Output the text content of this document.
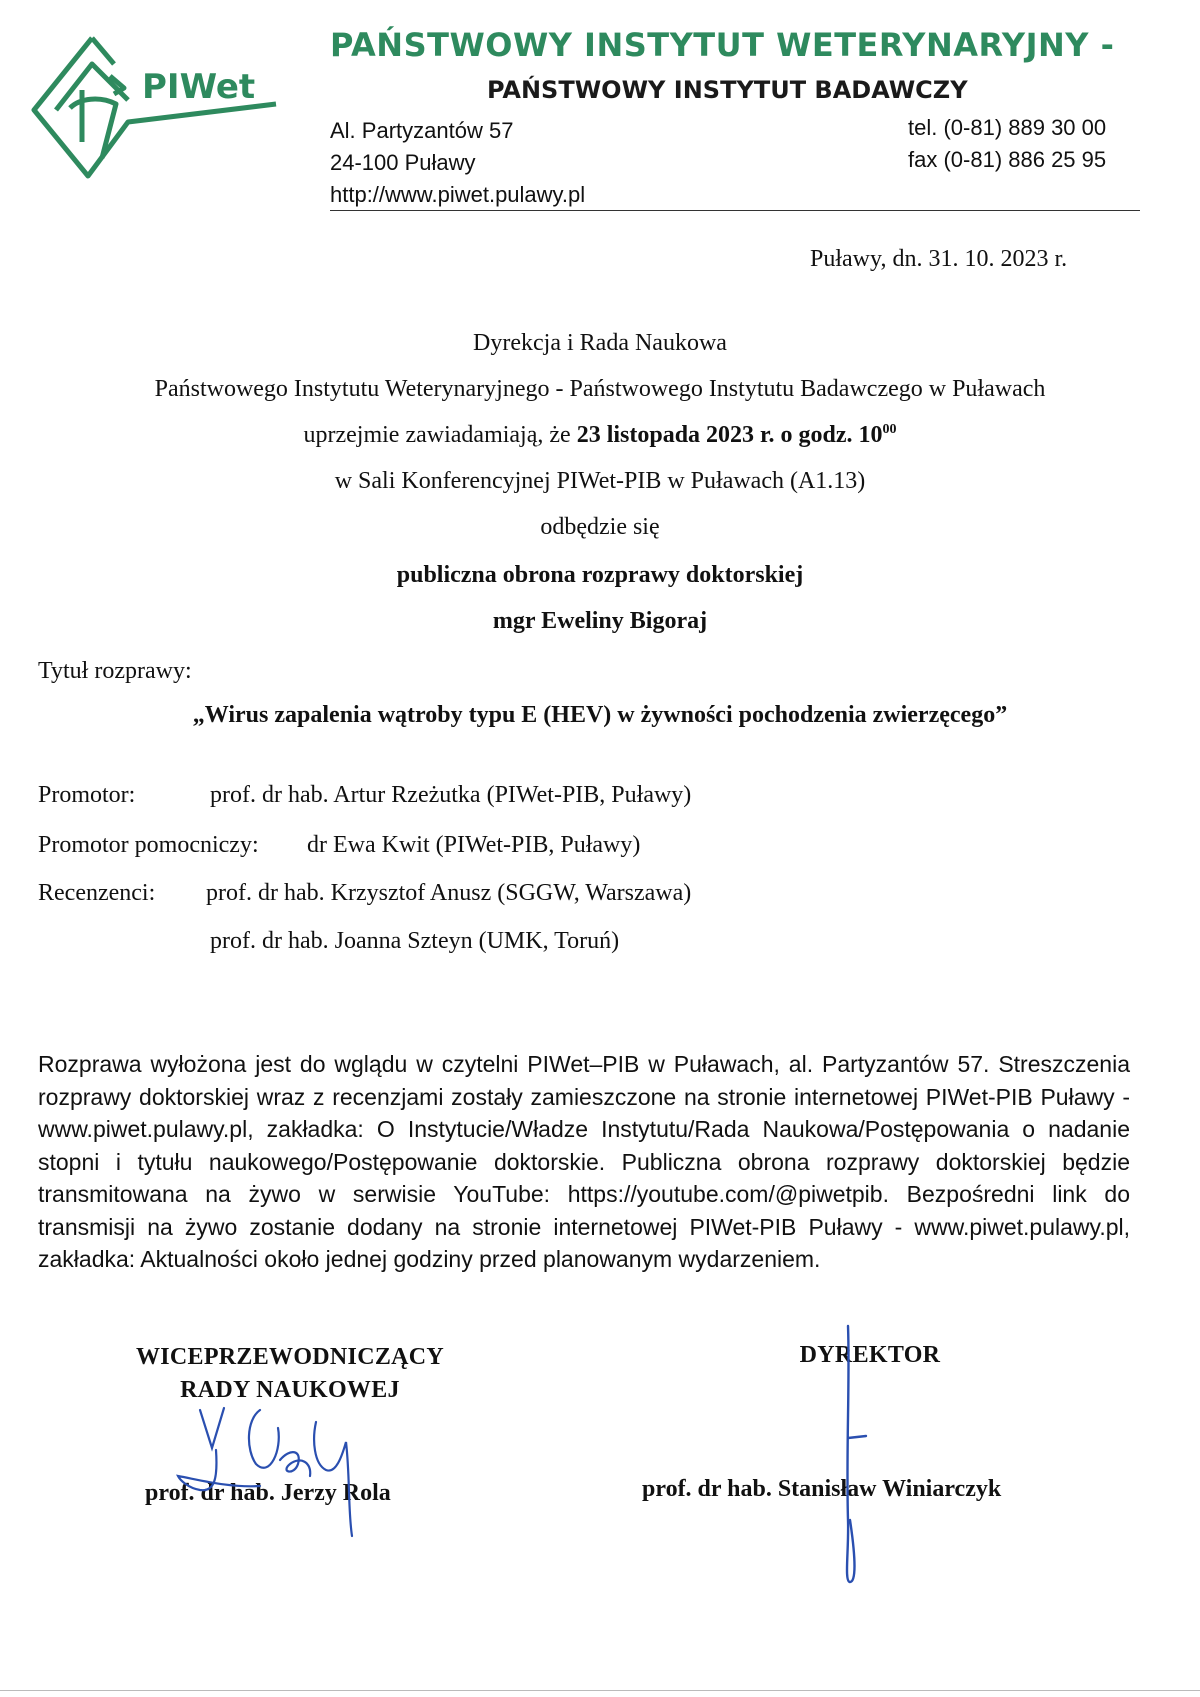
PIWet
PAŃSTWOWY INSTYTUT WETERYNARYJNY -
PAŃSTWOWY INSTYTUT BADAWCZY
Al. Partyzantów 57
24-100 Puławy
http://www.piwet.pulawy.pl
tel. (0-81) 889 30 00
fax (0-81) 886 25 95
Puławy, dn. 31. 10. 2023 r.
Dyrekcja i Rada Naukowa
Państwowego Instytutu Weterynaryjnego - Państwowego Instytutu Badawczego w Puławach
uprzejmie zawiadamiają, że 23 listopada 2023 r. o godz. $10^{00}$
w Sali Konferencyjnej PIWet-PIB w Puławach (A1.13)
odbędzie się
publiczna obrona rozprawy doktorskiej
mgr Eweliny Bigoraj
Tytuł rozprawy:
„Wirus zapalenia wątroby typu E (HEV) w żywności pochodzenia zwierzęcego”
Promotor:	prof. dr hab. Artur Rzeżutka (PIWet-PIB, Puławy)
Promotor pomocniczy: dr Ewa Kwit (PIWet-PIB, Puławy)
Recenzenci: prof. dr hab. Krzysztof Anusz (SGGW, Warszawa)
prof. dr hab. Joanna Szteyn (UMK, Toruń)
Rozprawa wyłożona jest do wglądu w czytelni PIWet–PIB w Puławach, al. Partyzantów 57. Streszczenia rozprawy doktorskiej wraz z recenzjami zostały zamieszczone na stronie internetowej PIWet-PIB Puławy - www.piwet.pulawy.pl, zakładka: O Instytucie/Władze Instytutu/Rada Naukowa/Postępowania o nadanie stopni i tytułu naukowego/Postępowanie doktorskie. Publiczna obrona rozprawy doktorskiej będzie transmitowana na żywo w serwisie YouTube: https://youtube.com/@piwetpib. Bezpośredni link do transmisji na żywo zostanie dodany na stronie internetowej PIWet-PIB Puławy - www.piwet.pulawy.pl, zakładka: Aktualności około jednej godziny przed planowanym wydarzeniem.
WICEPRZEWODNICZĄCY
RADY NAUKOWEJ
prof. dr hab. Jerzy Rola
DYREKTOR
prof. dr hab. Stanisław Winiarczyk
